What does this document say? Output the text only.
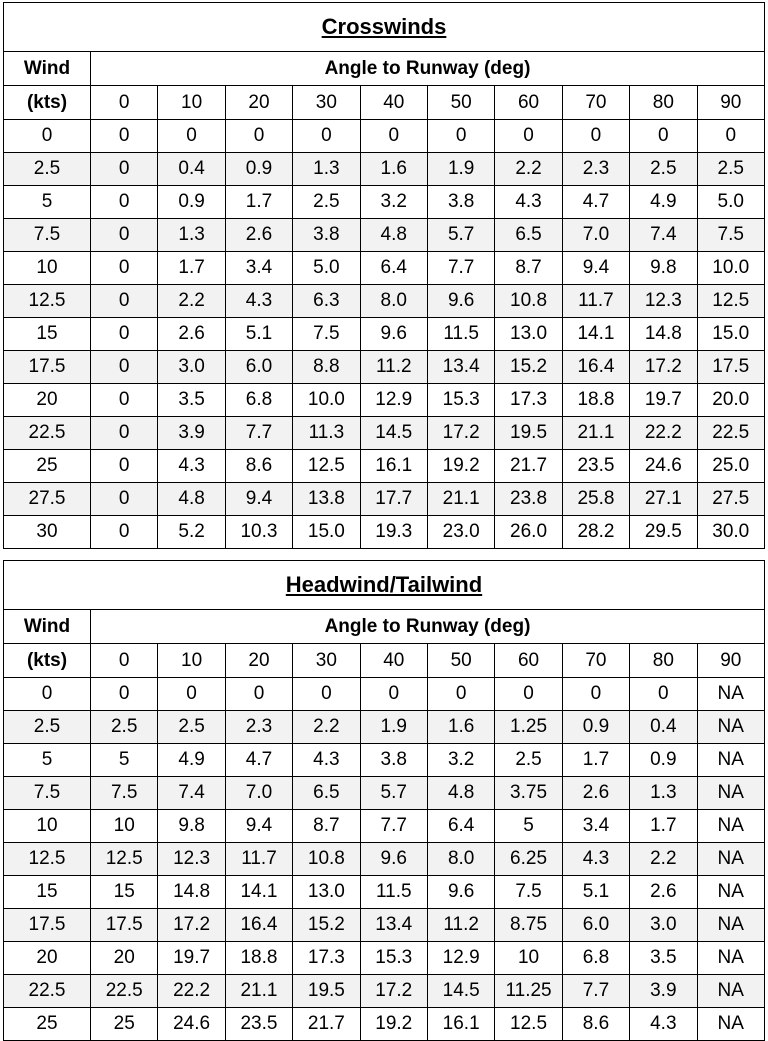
Crosswinds										
Wind	Angle to Runway (deg)									
(kts)	0	10	20	30	40	50	60	70	80	90
0	0	0	0	0	0	0	0	0	0	0
2.5	0	0.4	0.9	1.3	1.6	1.9	2.2	2.3	2.5	2.5
5	0	0.9	1.7	2.5	3.2	3.8	4.3	4.7	4.9	5.0
7.5	0	1.3	2.6	3.8	4.8	5.7	6.5	7.0	7.4	7.5
10	0	1.7	3.4	5.0	6.4	7.7	8.7	9.4	9.8	10.0
12.5	0	2.2	4.3	6.3	8.0	9.6	10.8	11.7	12.3	12.5
15	0	2.6	5.1	7.5	9.6	11.5	13.0	14.1	14.8	15.0
17.5	0	3.0	6.0	8.8	11.2	13.4	15.2	16.4	17.2	17.5
20	0	3.5	6.8	10.0	12.9	15.3	17.3	18.8	19.7	20.0
22.5	0	3.9	7.7	11.3	14.5	17.2	19.5	21.1	22.2	22.5
25	0	4.3	8.6	12.5	16.1	19.2	21.7	23.5	24.6	25.0
27.5	0	4.8	9.4	13.8	17.7	21.1	23.8	25.8	27.1	27.5
30	0	5.2	10.3	15.0	19.3	23.0	26.0	28.2	29.5	30.0
Headwind/Tailwind										
Wind	Angle to Runway (deg)									
(kts)	0	10	20	30	40	50	60	70	80	90
0	0	0	0	0	0	0	0	0	0	NA
2.5	2.5	2.5	2.3	2.2	1.9	1.6	1.25	0.9	0.4	NA
5	5	4.9	4.7	4.3	3.8	3.2	2.5	1.7	0.9	NA
7.5	7.5	7.4	7.0	6.5	5.7	4.8	3.75	2.6	1.3	NA
10	10	9.8	9.4	8.7	7.7	6.4	5	3.4	1.7	NA
12.5	12.5	12.3	11.7	10.8	9.6	8.0	6.25	4.3	2.2	NA
15	15	14.8	14.1	13.0	11.5	9.6	7.5	5.1	2.6	NA
17.5	17.5	17.2	16.4	15.2	13.4	11.2	8.75	6.0	3.0	NA
20	20	19.7	18.8	17.3	15.3	12.9	10	6.8	3.5	NA
22.5	22.5	22.2	21.1	19.5	17.2	14.5	11.25	7.7	3.9	NA
25	25	24.6	23.5	21.7	19.2	16.1	12.5	8.6	4.3	NA
